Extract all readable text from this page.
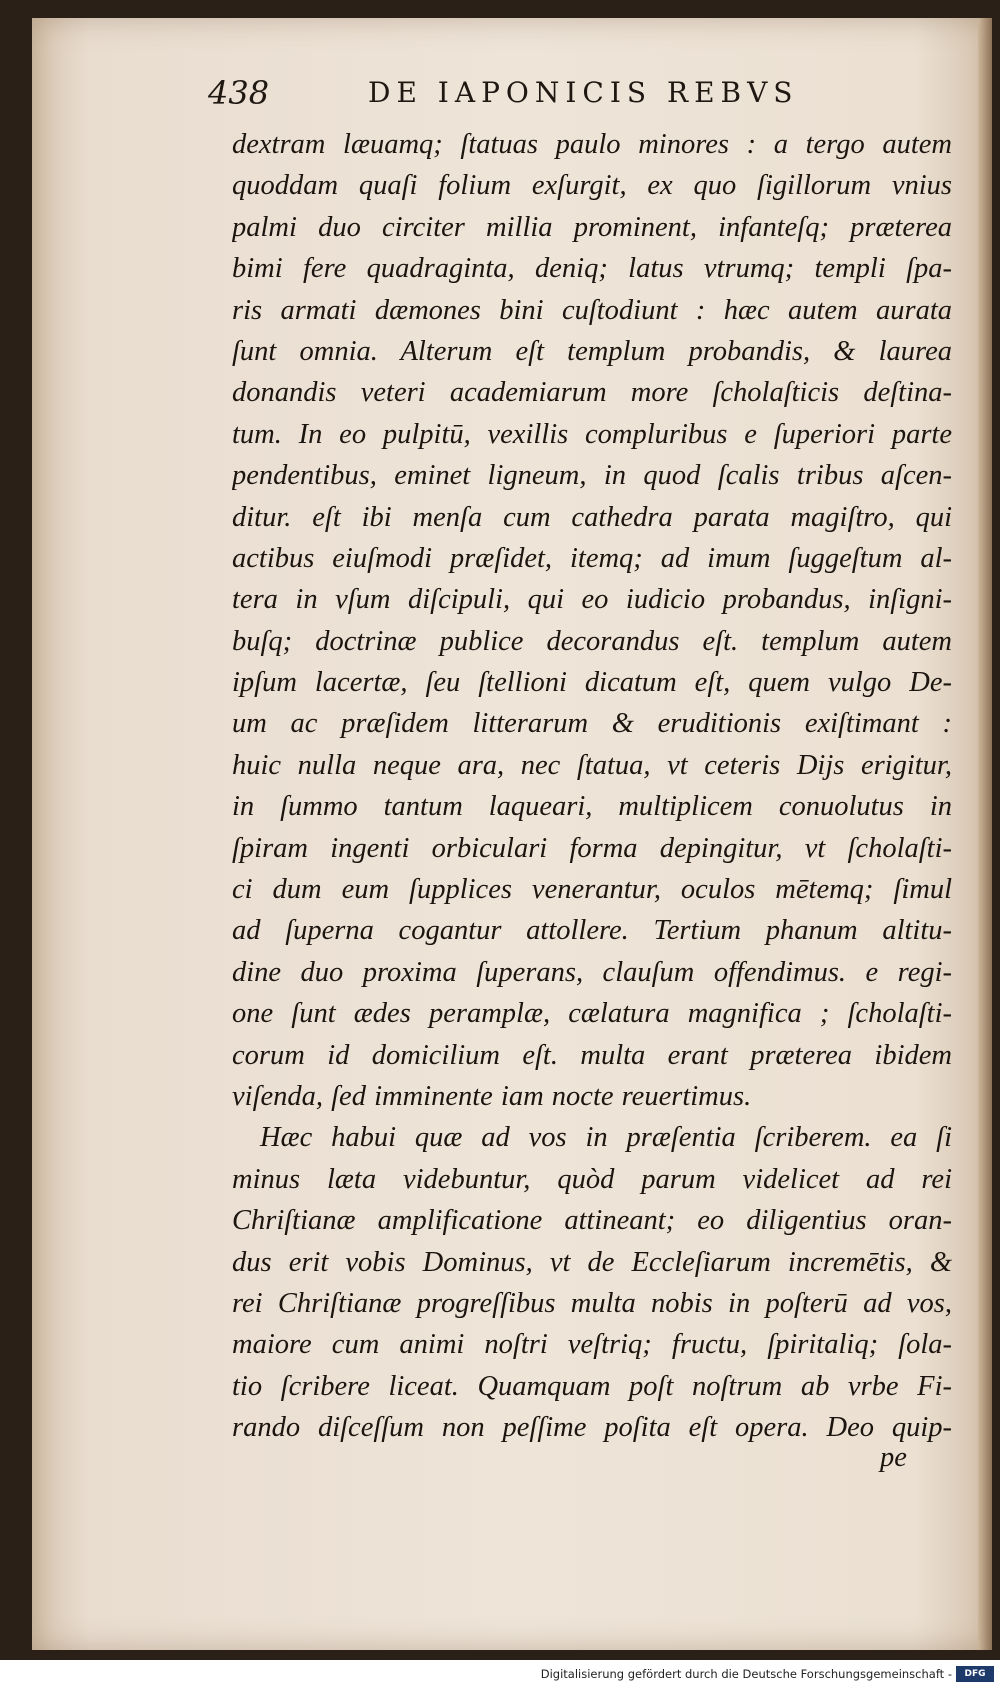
438	DE IAPONICIS REBVS
dextram læuamq; ſtatuas paulo minores : a tergo autem
quoddam quaſi folium exſurgit, ex quo ſigillorum vnius
palmi duo circiter millia prominent, infanteſq; præterea
bimi fere quadraginta, deniq; latus vtrumq; templi ſpa-
ris armati dæmones bini cuſtodiunt : hæc autem aurata
ſunt omnia. Alterum eſt templum probandis, & laurea
donandis veteri academiarum more ſcholaſticis deſtina-
tum. In eo pulpitū, vexillis compluribus e ſuperiori parte
pendentibus, eminet ligneum, in quod ſcalis tribus aſcen-
ditur. eſt ibi menſa cum cathedra parata magiſtro, qui
actibus eiuſmodi præſidet, itemq; ad imum ſuggeſtum al-
tera in vſum diſcipuli, qui eo iudicio probandus, inſigni-
buſq; doctrinæ publice decorandus eſt. templum autem
ipſum lacertæ, ſeu ſtellioni dicatum eſt, quem vulgo De-
um ac præſidem litterarum & eruditionis exiſtimant :
huic nulla neque ara, nec ſtatua, vt ceteris Dijs erigitur,
in ſummo tantum laqueari, multiplicem conuolutus in
ſpiram ingenti orbiculari forma depingitur, vt ſcholaſti-
ci dum eum ſupplices venerantur, oculos mētemq; ſimul
ad ſuperna cogantur attollere. Tertium phanum altitu-
dine duo proxima ſuperans, clauſum offendimus. e regi-
one ſunt ædes peramplæ, cælatura magnifica ; ſcholaſti-
corum id domicilium eſt. multa erant præterea ibidem
viſenda, ſed imminente iam nocte reuertimus.
Hæc habui quæ ad vos in præſentia ſcriberem. ea ſi
minus læta videbuntur, quòd parum videlicet ad rei
Chriſtianæ amplificatione attineant; eo diligentius oran-
dus erit vobis Dominus, vt de Eccleſiarum incremētis, &
rei Chriſtianæ progreſſibus multa nobis in poſterū ad vos,
maiore cum animi noſtri veſtriq; fructu, ſpiritaliq; ſola-
tio ſcribere liceat. Quamquam poſt noſtrum ab vrbe Fi-
rando diſceſſum non peſſime poſita eſt opera. Deo quip-
pe
Digitalisierung gefördert durch die Deutsche Forschungsgemeinschaft -	DFG
